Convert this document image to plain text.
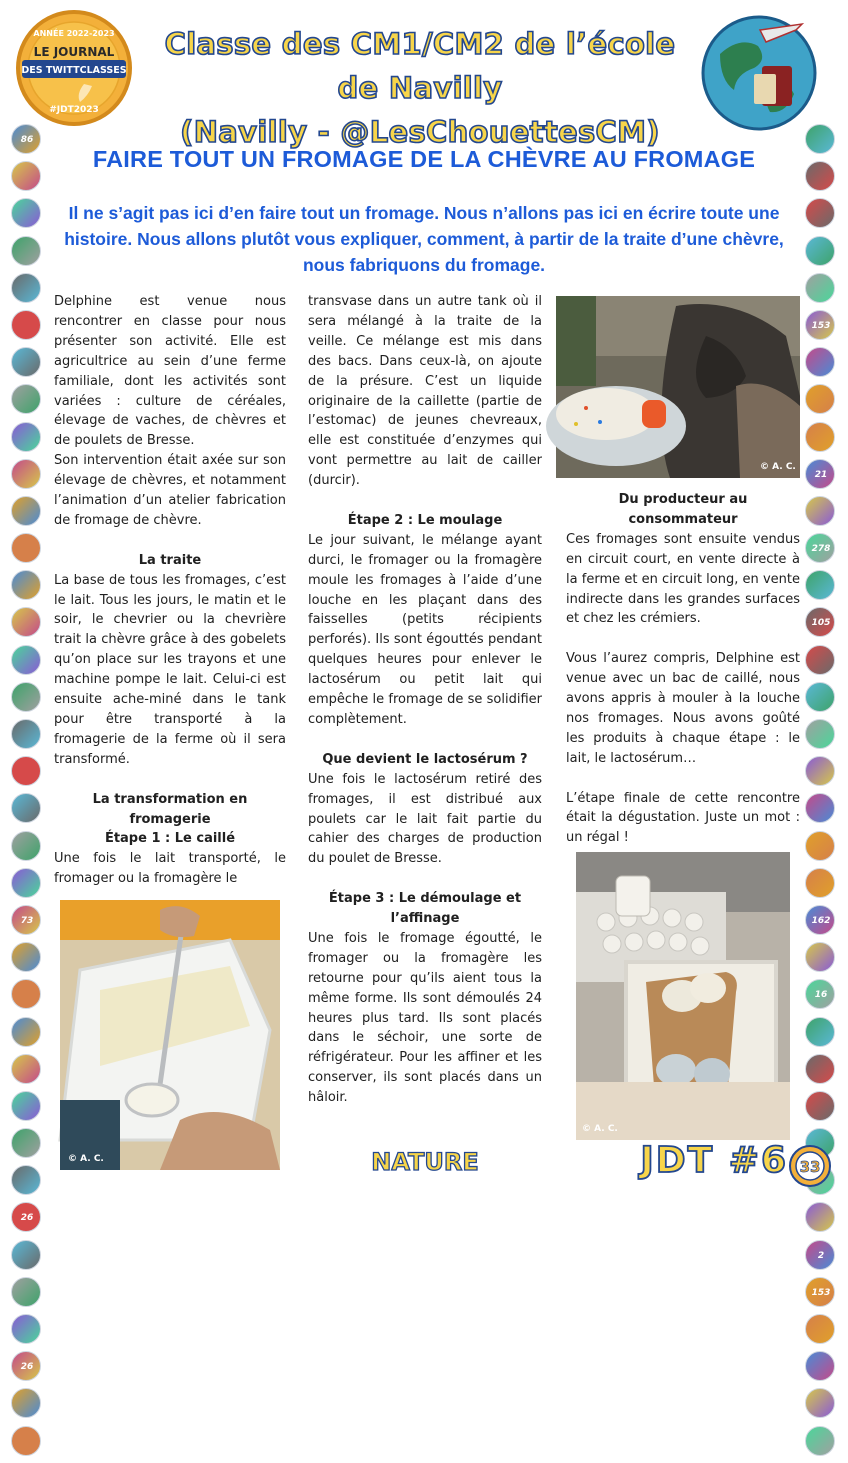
ANNÉE 2022-2023
LE JOURNAL
DES TWITTCLASSES
#JDT2023
Classe des CM1/CM2 de l’école de Navilly
(Navilly - @LesChouettesCM)
86
73
26
26
153
21
278
105
162
16
2
153
FAIRE TOUT UN FROMAGE DE LA CHÈVRE AU FROMAGE

Il ne s’agit pas ici d’en faire tout un fromage. Nous n’allons pas ici en écrire toute une histoire. Nous allons plutôt vous expliquer, comment, à partir de la traite d’une chèvre, nous fabriquons du fromage.

Delphine est venue nous rencontrer en classe pour nous présenter son activité. Elle est agricultrice au sein d’une ferme familiale, dont les activités sont variées : culture de céréales, élevage de vaches, de chèvres et de poulets de Bresse.

Son intervention était axée sur son élevage de chèvres, et notamment l’animation d’un atelier fabrication de fromage de chèvre.

La traite

La base de tous les fromages, c’est le lait. Tous les jours, le matin et le soir, le chevrier ou la chevrière trait la chèvre grâce à des gobelets qu’on place sur les trayons et une machine pompe le lait. Celui-ci est ensuite ache-miné dans le tank pour être transporté à la fromagerie de la ferme où il sera transformé.

La transformation en fromagerie
Étape 1 : Le caillé

Une fois le lait transporté, le fromager ou la fromagère le

transvase dans un autre tank où il sera mélangé à la traite de la veille. Ce mélange est mis dans des bacs. Dans ceux-là, on ajoute de la présure. C’est un liquide originaire de la caillette (partie de l’estomac) de jeunes chevreaux, elle est constituée d’enzymes qui vont permettre au lait de cailler (durcir).

Étape 2 : Le moulage

Le jour suivant, le mélange ayant durci, le fromager ou la fromagère moule les fromages à l’aide d’une louche en les plaçant dans des faisselles (petits récipients perforés). Ils sont égouttés pendant quelques heures pour enlever le lactosérum ou petit lait qui empêche le fromage de se solidifier complètement.

Que devient le lactosérum ?

Une fois le lactosérum retiré des fromages, il est distribué aux poulets car le lait fait partie du cahier des charges de production du poulet de Bresse.

Étape 3 : Le démoulage et l’affinage

Une fois le fromage égoutté, le fromager ou la fromagère les retourne pour qu’ils aient tous la même forme. Ils sont démoulés 24 heures plus tard. Ils sont placés dans le séchoir, une sorte de réfrigérateur. Pour les affiner et les conserver, ils sont placés dans un hâloir.

Du producteur au consommateur

Ces fromages sont ensuite vendus en circuit court, en vente directe à la ferme et en circuit long, en vente indirecte dans les grandes surfaces et chez les crémiers.

Vous l’aurez compris, Delphine est venue avec un bac de caillé, nous avons appris à mouler à la louche nos fromages. Nous avons goûté les produits à chaque étape : le lait, le lactosérum…

L’étape finale de cette rencontre était la dégustation. Juste un mot : un régal !

© A. C.
© A. C.
© A. C.
NATURE	JDT #6 33
